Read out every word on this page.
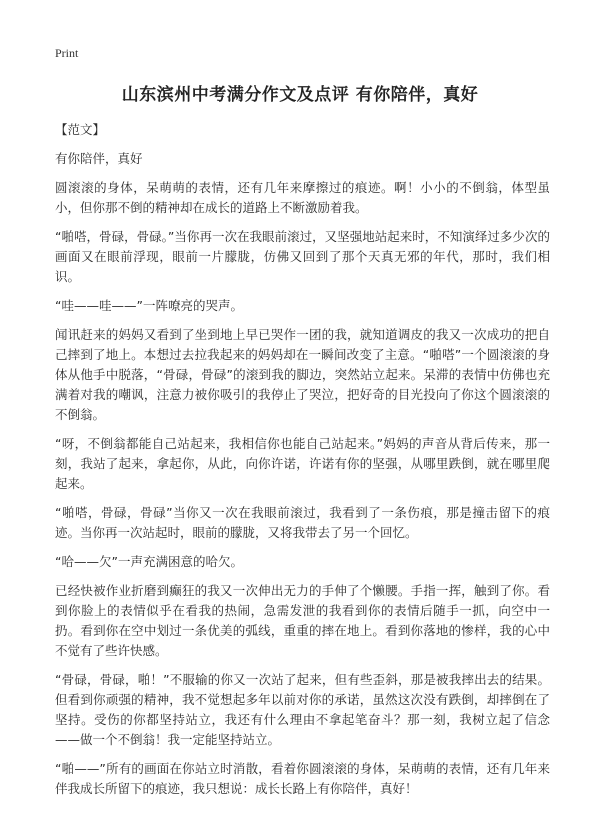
Print
山东滨州中考满分作文及点评 有你陪伴，真好
【范文】

有你陪伴，真好

圆滚滚的身体，呆萌萌的表情，还有几年来摩擦过的痕迹。啊！小小的不倒翁，体型虽小，但你那不倒的精神却在成长的道路上不断激励着我。

“啪嗒，骨碌，骨碌。”当你再一次在我眼前滚过，又坚强地站起来时，不知演绎过多少次的画面又在眼前浮现，眼前一片朦胧，仿佛又回到了那个天真无邪的年代，那时，我们相识。

“哇——哇——”一阵嘹亮的哭声。

闻讯赶来的妈妈又看到了坐到地上早已哭作一团的我，就知道调皮的我又一次成功的把自己摔到了地上。本想过去拉我起来的妈妈却在一瞬间改变了主意。“啪嗒”一个圆滚滚的身体从他手中脱落，“骨碌，骨碌”的滚到我的脚边，突然站立起来。呆滞的表情中仿佛也充满着对我的嘲讽，注意力被你吸引的我停止了哭泣，把好奇的目光投向了你这个圆滚滚的不倒翁。

“呀，不倒翁都能自己站起来，我相信你也能自己站起来。”妈妈的声音从背后传来，那一刻，我站了起来，拿起你，从此，向你许诺，许诺有你的坚强，从哪里跌倒，就在哪里爬起来。

“啪嗒，骨碌，骨碌”当你又一次在我眼前滚过，我看到了一条伤痕，那是撞击留下的痕迹。当你再一次站起时，眼前的朦胧，又将我带去了另一个回忆。

“哈——欠”一声充满困意的哈欠。

已经快被作业折磨到癫狂的我又一次伸出无力的手伸了个懒腰。手指一挥，触到了你。看到你脸上的表情似乎在看我的热闹，急需发泄的我看到你的表情后随手一抓，向空中一扔。看到你在空中划过一条优美的弧线，重重的摔在地上。看到你落地的惨样，我的心中不觉有了些许快感。

“骨碌，骨碌，啪！”不服输的你又一次站了起来，但有些歪斜，那是被我摔出去的结果。但看到你顽强的精神，我不觉想起多年以前对你的承诺，虽然这次没有跌倒，却摔倒在了坚持。受伤的你都坚持站立，我还有什么理由不拿起笔奋斗？那一刻，我树立起了信念——做一个不倒翁！我一定能坚持站立。

“啪——”所有的画面在你站立时消散，看着你圆滚滚的身体，呆萌萌的表情，还有几年来伴我成长所留下的痕迹，我只想说：成长长路上有你陪伴，真好！
